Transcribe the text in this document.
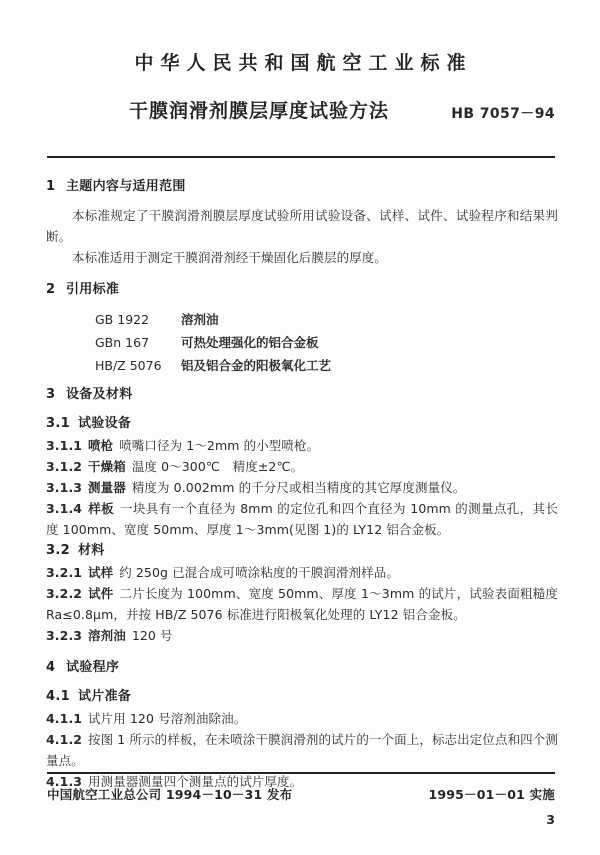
中华人民共和国航空工业标准
干膜润滑剂膜层厚度试验方法	HB 7057－94
1 主题内容与适用范围
本标准规定了干膜润滑剂膜层厚度试验所用试验设备、试样、试件、试验程序和结果判断。
本标准适用于测定干膜润滑剂经干燥固化后膜层的厚度。
2 引用标准
GB 1922	溶剂油
GBn 167	可热处理强化的铝合金板
HB/Z 5076 铝及铝合金的阳极氧化工艺
3 设备及材料
3.1 试验设备
3.1.1 喷枪 喷嘴口径为 1～2mm 的小型喷枪。
3.1.2 干燥箱 温度 0～300℃　精度±2℃。
3.1.3 测量器 精度为 0.002mm 的千分尺或相当精度的其它厚度测量仪。
3.1.4 样板 一块具有一个直径为 8mm 的定位孔和四个直径为 10mm 的测量点孔，其长度 100mm、宽度 50mm、厚度 1～3mm(见图 1)的 LY12 铝合金板。
3.2 材料
3.2.1 试样 约 250g 已混合成可喷涂粘度的干膜润滑剂样品。
3.2.2 试件 二片长度为 100mm、宽度 50mm、厚度 1～3mm 的试片，试验表面粗糙度 Ra≤0.8μm，并按 HB/Z 5076 标准进行阳极氧化处理的 LY12 铝合金板。
3.2.3 溶剂油 120 号
4 试验程序
4.1 试片准备
4.1.1 试片用 120 号溶剂油除油。
4.1.2 按图 1 所示的样板，在未喷涂干膜润滑剂的试片的一个面上，标志出定位点和四个测量点。
4.1.3 用测量器测量四个测量点的试片厚度。
中国航空工业总公司 1994－10－31 发布	1995－01－01 实施
3
